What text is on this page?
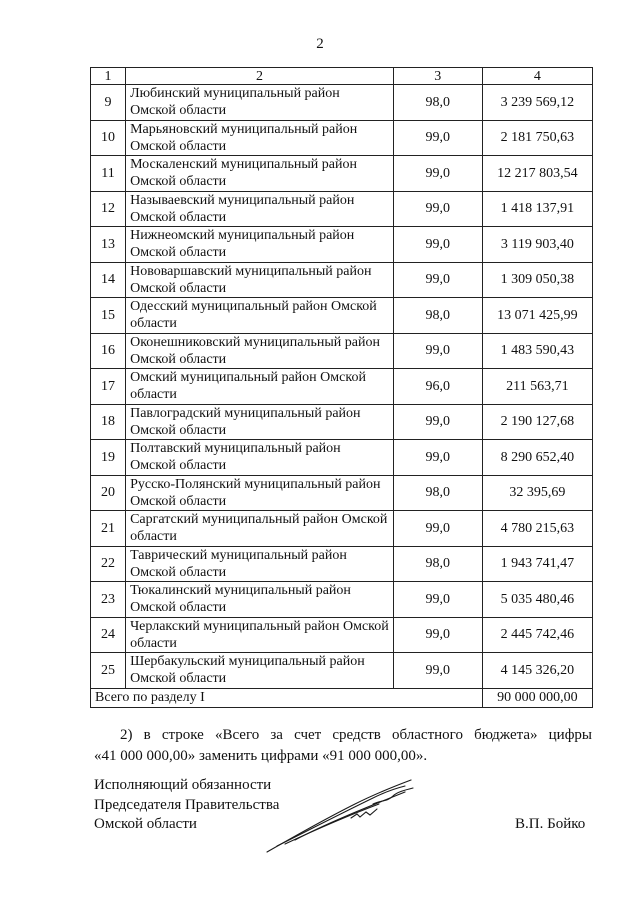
2
1	2	3	4
9	Любинский муниципальный район Омской области	98,0	3 239 569,12
10	Марьяновский муниципальный район Омской области	99,0	2 181 750,63
11	Москаленский муниципальный район Омской области	99,0	12 217 803,54
12	Называевский муниципальный район Омской области	99,0	1 418 137,91
13	Нижнеомский муниципальный район Омской области	99,0	3 119 903,40
14	Нововаршавский муниципальный район Омской области	99,0	1 309 050,38
15	Одесский муниципальный район Омской области	98,0	13 071 425,99
16	Оконешниковский муниципальный район Омской области	99,0	1 483 590,43
17	Омский муниципальный район Омской области	96,0	211 563,71
18	Павлоградский муниципальный район Омской области	99,0	2 190 127,68
19	Полтавский муниципальный район Омской области	99,0	8 290 652,40
20	Русско-Полянский муниципальный район Омской области	98,0	32 395,69
21	Саргатский муниципальный район Омской области	99,0	4 780 215,63
22	Таврический муниципальный район Омской области	98,0	1 943 741,47
23	Тюкалинский муниципальный район Омской области	99,0	5 035 480,46
24	Черлакский муниципальный район Омской области	99,0	2 445 742,46
25	Шербакульский муниципальный район Омской области	99,0	4 145 326,20
Всего по разделу I			90 000 000,00
2) в строке «Всего за счет средств областного бюджета» цифры
«41 000 000,00» заменить цифрами «91 000 000,00».
Исполняющий обязанности
Председателя Правительства
Омской области	В.П. Бойко
